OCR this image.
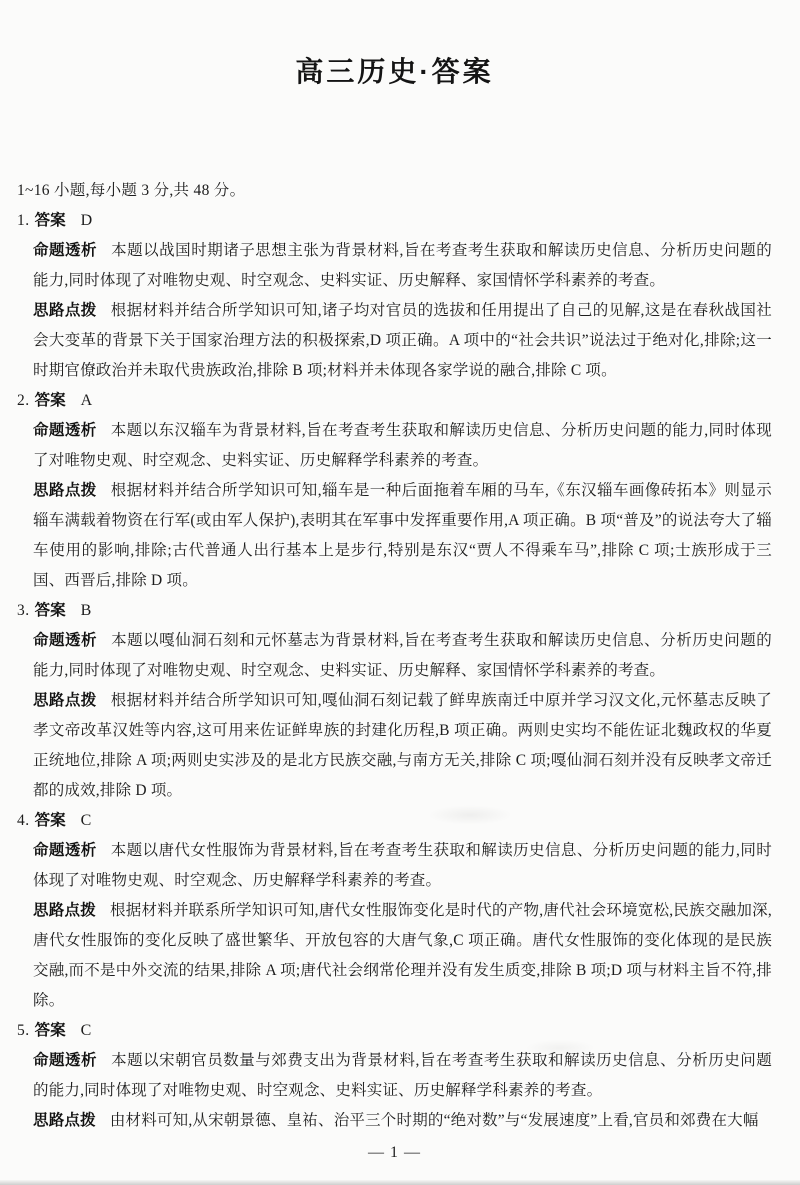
高三历史·答案
1~16 小题,每小题 3 分,共 48 分。
1. 答案 D

命题透析 本题以战国时期诸子思想主张为背景材料,旨在考查考生获取和解读历史信息、分析历史问题的能力,同时体现了对唯物史观、时空观念、史料实证、历史解释、家国情怀学科素养的考查。

思路点拨 根据材料并结合所学知识可知,诸子均对官员的选拔和任用提出了自己的见解,这是在春秋战国社会大变革的背景下关于国家治理方法的积极探索,D 项正确。A 项中的“社会共识”说法过于绝对化,排除;这一时期官僚政治并未取代贵族政治,排除 B 项;材料并未体现各家学说的融合,排除 C 项。

2. 答案 A

命题透析 本题以东汉辎车为背景材料,旨在考查考生获取和解读历史信息、分析历史问题的能力,同时体现了对唯物史观、时空观念、史料实证、历史解释学科素养的考查。

思路点拨 根据材料并结合所学知识可知,辎车是一种后面拖着车厢的马车,《东汉辎车画像砖拓本》则显示辎车满载着物资在行军(或由军人保护),表明其在军事中发挥重要作用,A 项正确。B 项“普及”的说法夸大了辎车使用的影响,排除;古代普通人出行基本上是步行,特别是东汉“贾人不得乘车马”,排除 C 项;士族形成于三国、西晋后,排除 D 项。

3. 答案 B

命题透析 本题以嘎仙洞石刻和元怀墓志为背景材料,旨在考查考生获取和解读历史信息、分析历史问题的能力,同时体现了对唯物史观、时空观念、史料实证、历史解释、家国情怀学科素养的考查。

思路点拨 根据材料并结合所学知识可知,嘎仙洞石刻记载了鲜卑族南迁中原并学习汉文化,元怀墓志反映了孝文帝改革汉姓等内容,这可用来佐证鲜卑族的封建化历程,B 项正确。两则史实均不能佐证北魏政权的华夏正统地位,排除 A 项;两则史实涉及的是北方民族交融,与南方无关,排除 C 项;嘎仙洞石刻并没有反映孝文帝迁都的成效,排除 D 项。

4. 答案 C

命题透析 本题以唐代女性服饰为背景材料,旨在考查考生获取和解读历史信息、分析历史问题的能力,同时体现了对唯物史观、时空观念、历史解释学科素养的考查。

思路点拨 根据材料并联系所学知识可知,唐代女性服饰变化是时代的产物,唐代社会环境宽松,民族交融加深,唐代女性服饰的变化反映了盛世繁华、开放包容的大唐气象,C 项正确。唐代女性服饰的变化体现的是民族交融,而不是中外交流的结果,排除 A 项;唐代社会纲常伦理并没有发生质变,排除 B 项;D 项与材料主旨不符,排除。

5. 答案 C

命题透析 本题以宋朝官员数量与郊费支出为背景材料,旨在考查考生获取和解读历史信息、分析历史问题的能力,同时体现了对唯物史观、时空观念、史料实证、历史解释学科素养的考查。

思路点拨 由材料可知,从宋朝景德、皇祐、治平三个时期的“绝对数”与“发展速度”上看,官员和郊费在大幅

— 1 —
